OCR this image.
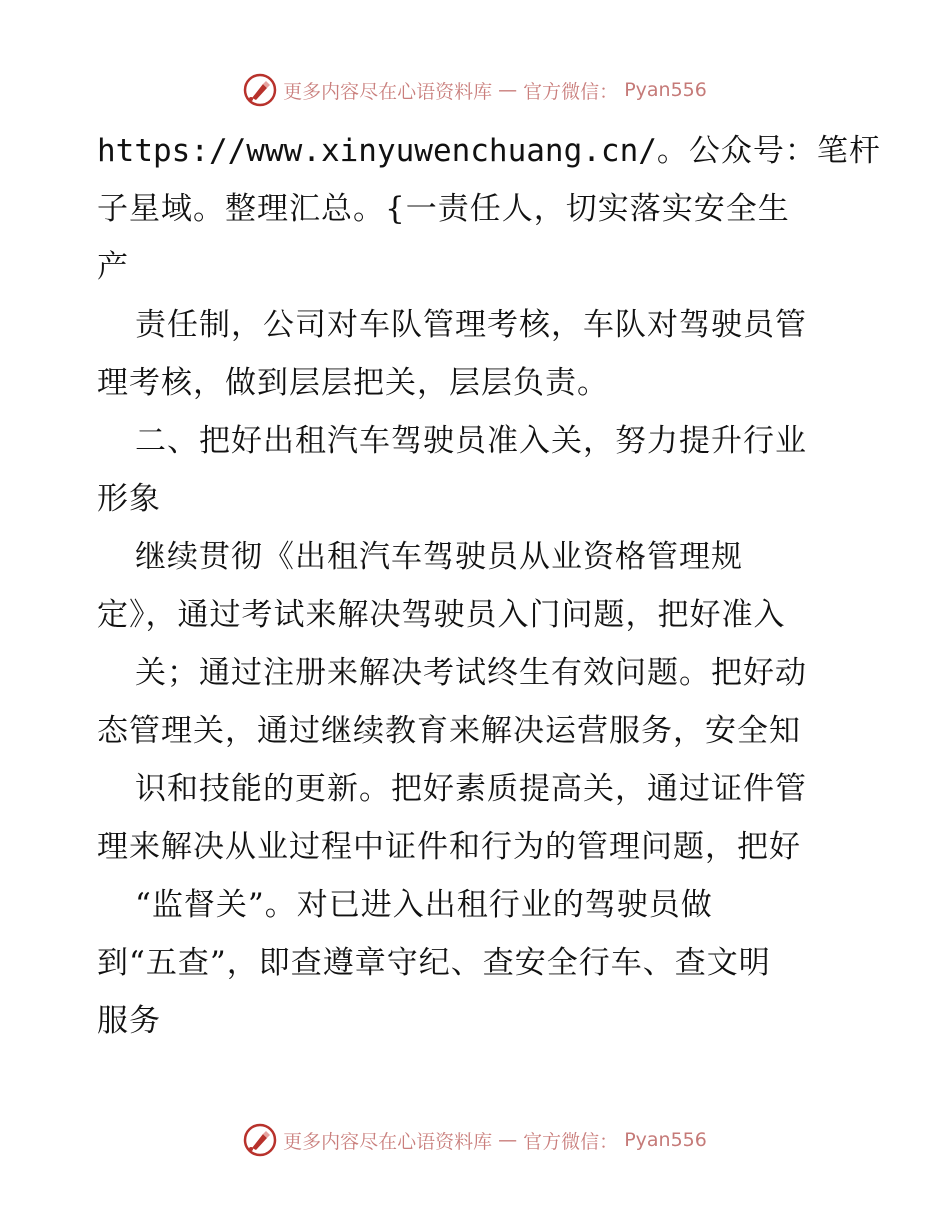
更多内容尽在心语资料库 — 官方微信： Pyan556
https://www.xinyuwenchuang.cn/。公众号：笔杆
子星域。整理汇总。{一责任人，切实落实安全生
产
责任制，公司对车队管理考核，车队对驾驶员管
理考核，做到层层把关，层层负责。
二、把好出租汽车驾驶员准入关，努力提升行业
形象
继续贯彻《出租汽车驾驶员从业资格管理规
定》，通过考试来解决驾驶员入门问题，把好准入
关；通过注册来解决考试终生有效问题。把好动
态管理关，通过继续教育来解决运营服务，安全知
识和技能的更新。把好素质提高关，通过证件管
理来解决从业过程中证件和行为的管理问题，把好
“监督关”。对已进入出租行业的驾驶员做
到“五查”，即查遵章守纪、查安全行车、查文明
服务
更多内容尽在心语资料库 — 官方微信： Pyan556
